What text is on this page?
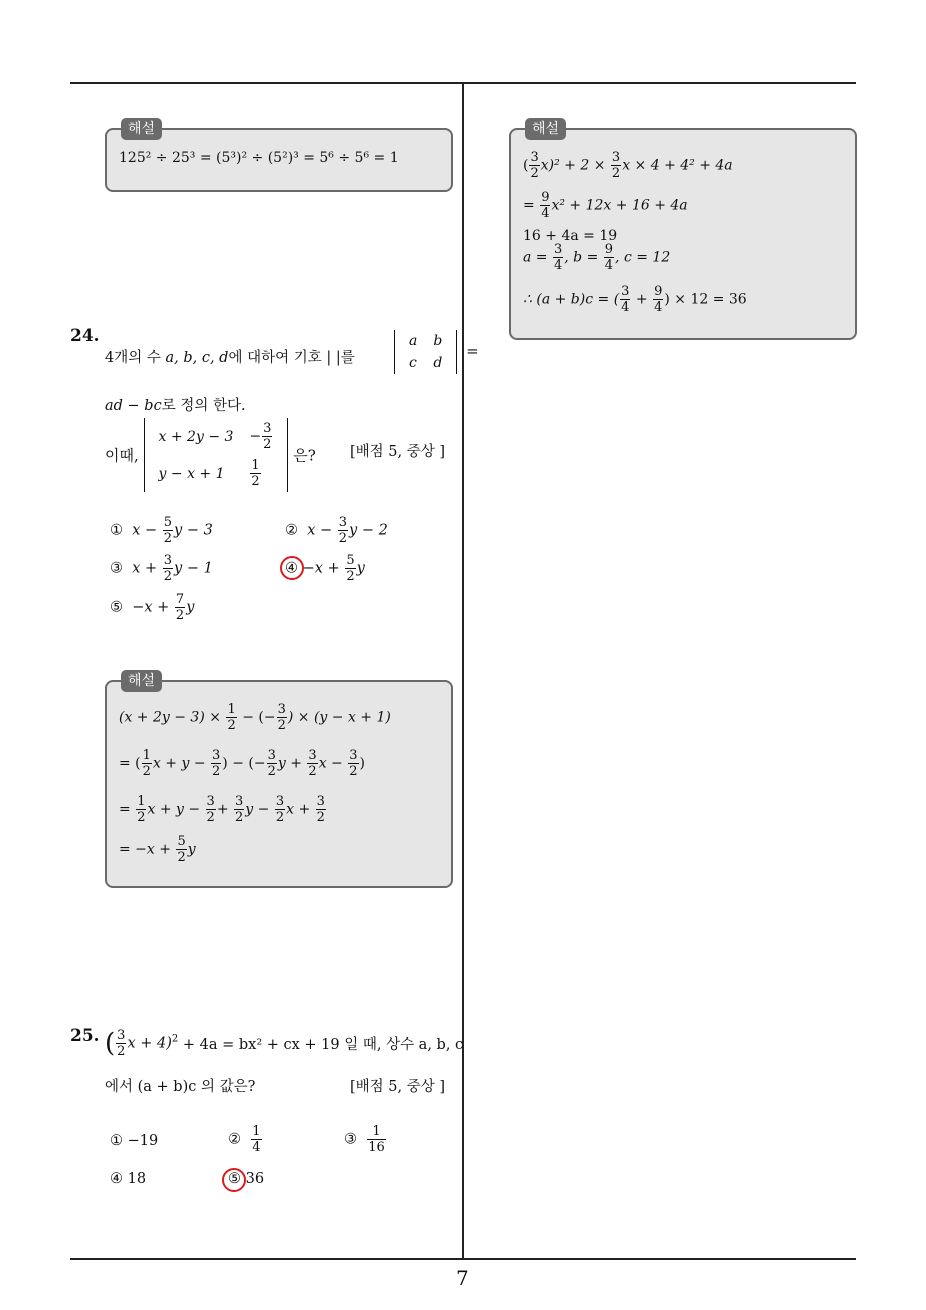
7
해설
125² ÷ 25³ = (5³)² ÷ (5²)³ = 5⁶ ÷ 5⁶ = 1
24.
4개의 수 a, b, c, d에 대하여 기호 | |를
a	b
c	d
=
ad − bc로 정의 한다.
이때,
x + 2y − 3	− $\frac{3}{2}$

y − x + 1	$\frac{1}{2}$
은? [배점 5, 중상 ]
① $x - \frac{5}{2}$ y − 3	② $x - \frac{3}{2}$ y − 2
③ $x + \frac{3}{2}$ y − 1	④ $-x + \frac{5}{2}$ y
⑤ $-x + \frac{7}{2}$ y
해설
$(x + 2y - 3) \times \frac{1}{2}$ − (− $\frac{3}{2}$ ) × (y − x + 1)
= ( $\frac{1}{2}$ $x + y - \frac{3}{2}$ ) − (− $\frac{3}{2}$ $y + \frac{3}{2}$ $x - \frac{3}{2}$ )
= $\frac{1}{2}$ $x + y - \frac{3}{2} + \frac{3}{2}$ $y - \frac{3}{2}$ $x + \frac{3}{2}$
= $-x + \frac{5}{2}$ y
25. ( $\frac{3}{2}$ x + 4)$^2$ + 4a = bx² + cx + 19 일 때, 상수 a, b, c
에서 (a + b)c 의 값은?	[배점 5, 중상 ]
① −19	② $\frac{1}{4}$	③ $\frac{1}{16}$
④ 18	⑤ 36
해설
( $\frac{3}{2} x)^2 + 2 \times \frac{3}{2}$ x × 4 + 4² + 4a
= $\frac{9}{4} x^2 + 12x + 16 + 4a$
16 + 4a = 19
$a = \frac{3}{4}$ , $b = \frac{9}{4}$ , c = 12
∴ (a + b)c = ( $\frac{3}{4} + \frac{9}{4}$ ) × 12 = 36
